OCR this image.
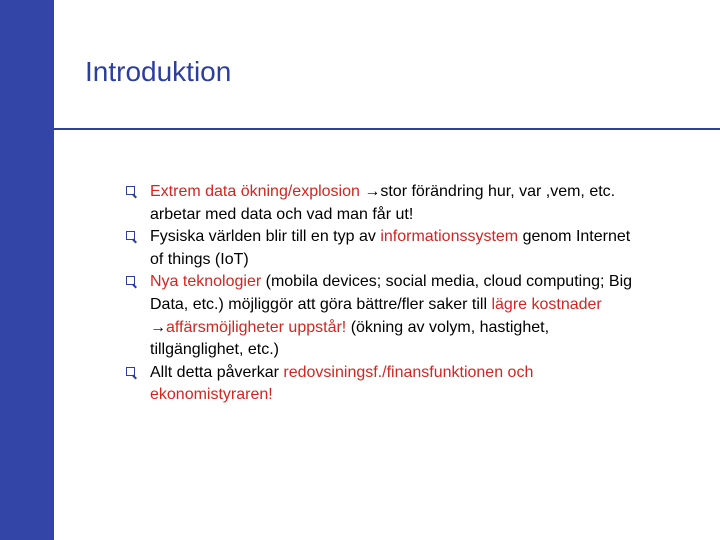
Introduktion
Extrem data ökning/explosion →stor förändring hur, var ,vem, etc. arbetar med data och vad man får ut!
Fysiska världen blir till en typ av informationssystem genom Internet of things (IoT)
Nya teknologier (mobila devices; social media, cloud computing; Big Data, etc.) möjliggör att göra bättre/fler saker till lägre kostnader →affärsmöjligheter uppstår! (ökning av volym, hastighet, tillgänglighet, etc.)
Allt detta påverkar redovsiningsf./finansfunktionen och ekonomistyraren!
